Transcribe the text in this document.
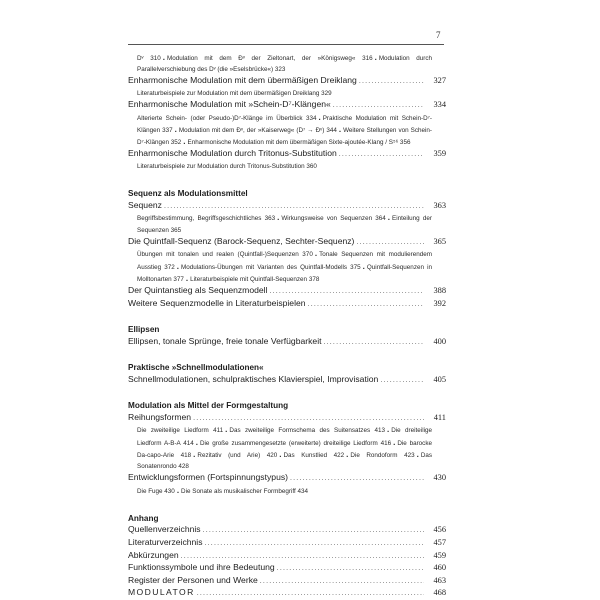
7
Dᵛ 310 . Modulation mit dem Đᵛ der Zieltonart, der »Königsweg« 316 . Modulation durch Parallelverschiebung des Dᵛ (die »Eselsbrücke«) 323
Enharmonische Modulation mit dem übermäßigen Dreiklang .....	327
Literaturbeispiele zur Modulation mit dem übermäßigen Dreiklang 329
Enharmonische Modulation mit »Schein-D⁷-Klängen« .....	334
Alterierte Schein- (oder Pseudo-)D⁷-Klänge im Überblick 334 . Praktische Modulation mit Schein-D⁷-Klängen 337 . Modulation mit dem Đᵛ, der »Kaiserweg« (D⁷ → Đᵛ) 344 . Weitere Stellungen von Schein-D⁷-Klängen 352 . Enharmonische Modulation mit dem übermäßigen Sixte-ajoutée-Klang / S⁵⁶ 356
Enharmonische Modulation durch Tritonus-Substitution .....	359
Literaturbeispiele zur Modulation durch Tritonus-Substitution 360
Sequenz als Modulationsmittel
Sequenz .....	363
Begriffsbestimmung, Begriffsgeschichtliches 363 . Wirkungsweise von Sequenzen 364 . Einteilung der Sequenzen 365
Die Quintfall-Sequenz (Barock-Sequenz, Sechter-Sequenz) .....	365
Übungen mit tonalen und realen (Quintfall-)Sequenzen 370 . Tonale Sequenzen mit modulierendem Ausstieg 372 . Modulations-Übungen mit Varianten des Quintfall-Modells 375 . Quintfall-Sequenzen in Molltonarten 377 . Literaturbeispiele mit Quintfall-Sequenzen 378
Der Quintanstieg als Sequenzmodell .....	388
Weitere Sequenzmodelle in Literaturbeispielen .....	392
Ellipsen
Ellipsen, tonale Sprünge, freie tonale Verfügbarkeit .....	400
Praktische »Schnellmodulationen«
Schnellmodulationen, schulpraktisches Klavierspiel, Improvisation .....	405
Modulation als Mittel der Formgestaltung
Reihungsformen .....	411
Die zweiteilige Liedform 411 . Das zweiteilige Formschema des Suitensatzes 413 . Die dreiteilige Liedform A-B-A 414 . Die große zusammengesetzte (erweiterte) dreiteilige Liedform 416 . Die barocke Da-capo-Arie 418 . Rezitativ (und Arie) 420 . Das Kunstlied 422 . Die Rondoform 423 . Das Sonatenrondo 428
Entwicklungsformen (Fortspinnungstypus) .....	430
Die Fuge 430 . Die Sonate als musikalischer Formbegriff 434
Anhang
Quellenverzeichnis .....	456
Literaturverzeichnis .....	457
Abkürzungen .....	459
Funktionssymbole und ihre Bedeutung .....	460
Register der Personen und Werke .....	463
MODULATOR .....	468
